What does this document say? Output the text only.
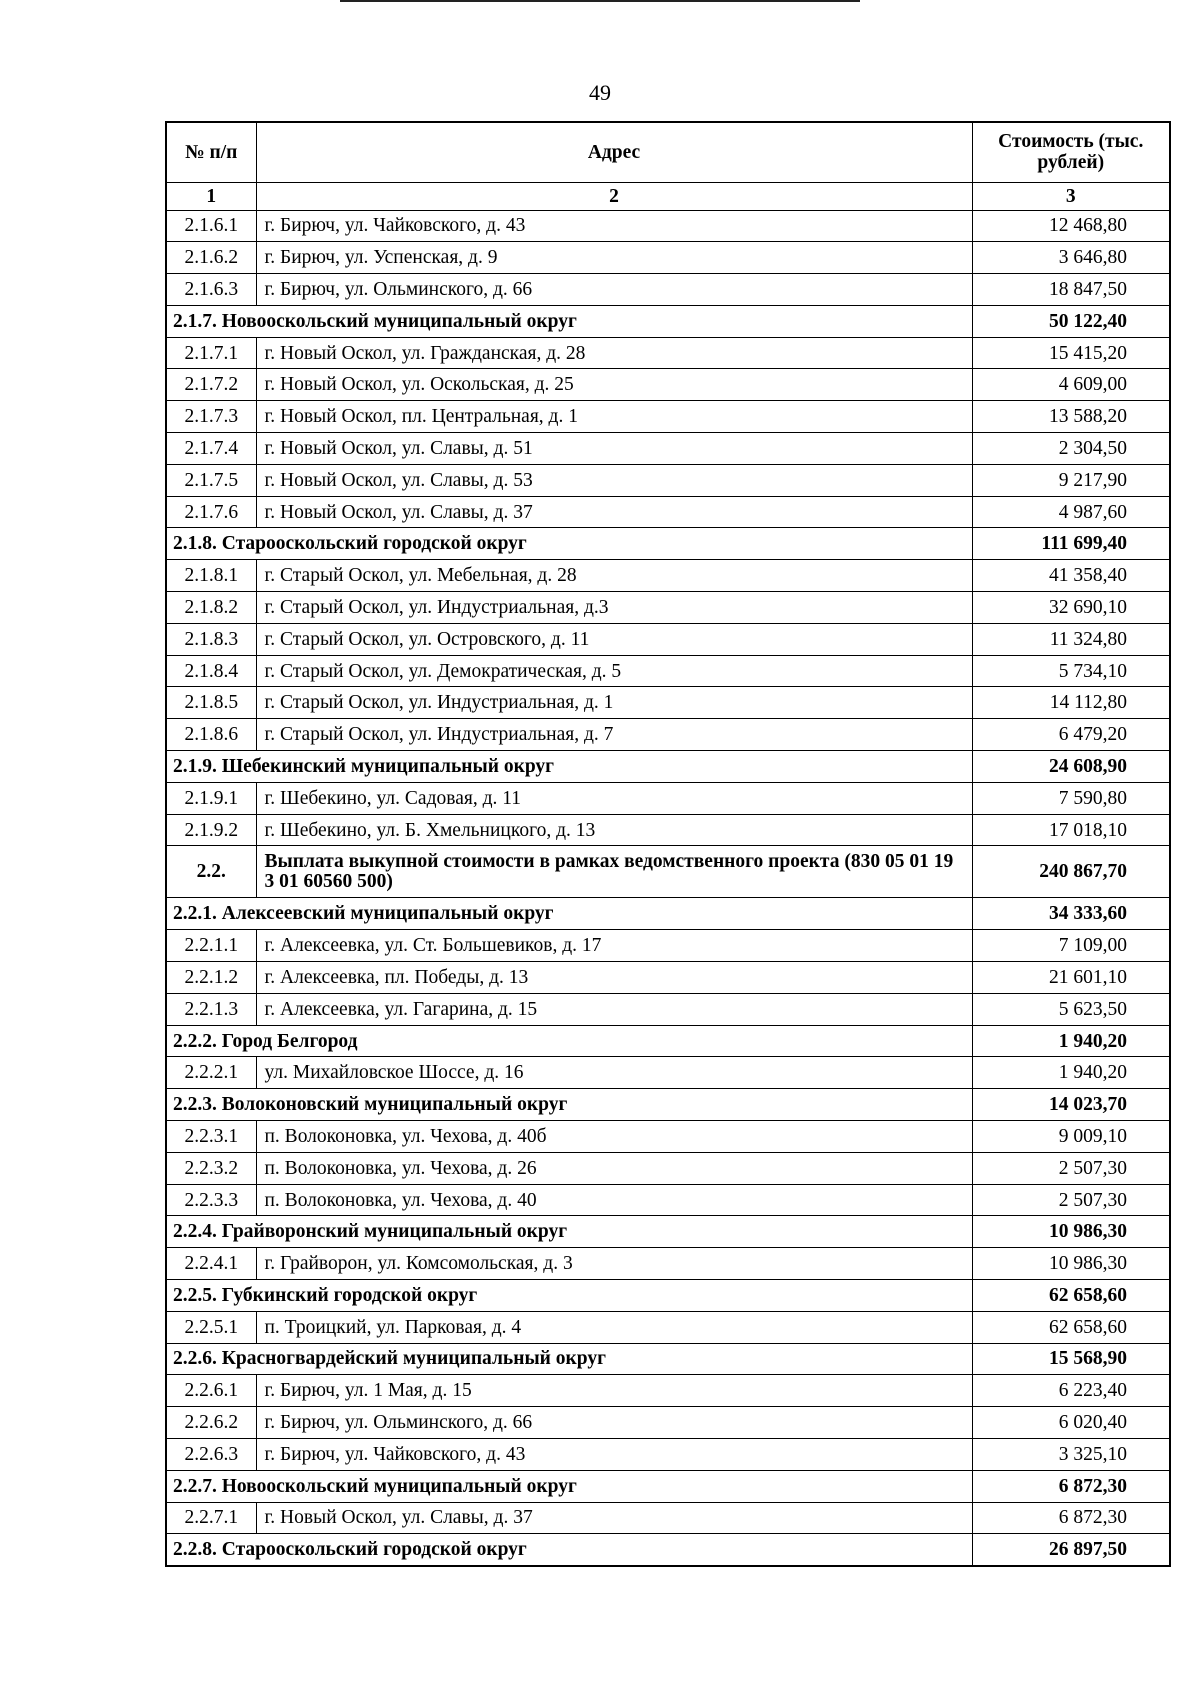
49
№ п/п	Адрес	Стоимость (тыс. рублей)
1	2	3
2.1.6.1	г. Бирюч, ул. Чайковского, д. 43	12 468,80
2.1.6.2	г. Бирюч, ул. Успенская, д. 9	3 646,80
2.1.6.3	г. Бирюч, ул. Ольминского, д. 66	18 847,50
2.1.7. Новооскольский муниципальный округ		50 122,40
2.1.7.1	г. Новый Оскол, ул. Гражданская, д. 28	15 415,20
2.1.7.2	г. Новый Оскол, ул. Оскольская, д. 25	4 609,00
2.1.7.3	г. Новый Оскол, пл. Центральная, д. 1	13 588,20
2.1.7.4	г. Новый Оскол, ул. Славы, д. 51	2 304,50
2.1.7.5	г. Новый Оскол, ул. Славы, д. 53	9 217,90
2.1.7.6	г. Новый Оскол, ул. Славы, д. 37	4 987,60
2.1.8. Старооскольский городской округ		111 699,40
2.1.8.1	г. Старый Оскол, ул. Мебельная, д. 28	41 358,40
2.1.8.2	г. Старый Оскол, ул. Индустриальная, д.3	32 690,10
2.1.8.3	г. Старый Оскол, ул. Островского, д. 11	11 324,80
2.1.8.4	г. Старый Оскол, ул. Демократическая, д. 5	5 734,10
2.1.8.5	г. Старый Оскол, ул. Индустриальная, д. 1	14 112,80
2.1.8.6	г. Старый Оскол, ул. Индустриальная, д. 7	6 479,20
2.1.9. Шебекинский муниципальный округ		24 608,90
2.1.9.1	г. Шебекино, ул. Садовая, д. 11	7 590,80
2.1.9.2	г. Шебекино, ул. Б. Хмельницкого, д. 13	17 018,10
2.2.	Выплата выкупной стоимости в рамках ведомственного проекта (830 05 01 19 3 01 60560 500)	240 867,70
2.2.1. Алексеевский муниципальный округ		34 333,60
2.2.1.1	г. Алексеевка, ул. Ст. Большевиков, д. 17	7 109,00
2.2.1.2	г. Алексеевка, пл. Победы, д. 13	21 601,10
2.2.1.3	г. Алексеевка, ул. Гагарина, д. 15	5 623,50
2.2.2. Город Белгород		1 940,20
2.2.2.1	ул. Михайловское Шоссе, д. 16	1 940,20
2.2.3. Волоконовский муниципальный округ		14 023,70
2.2.3.1	п. Волоконовка, ул. Чехова, д. 40б	9 009,10
2.2.3.2	п. Волоконовка, ул. Чехова, д. 26	2 507,30
2.2.3.3	п. Волоконовка, ул. Чехова, д. 40	2 507,30
2.2.4. Грайворонский муниципальный округ		10 986,30
2.2.4.1	г. Грайворон, ул. Комсомольская, д. 3	10 986,30
2.2.5. Губкинский городской округ		62 658,60
2.2.5.1	п. Троицкий, ул. Парковая, д. 4	62 658,60
2.2.6. Красногвардейский муниципальный округ		15 568,90
2.2.6.1	г. Бирюч, ул. 1 Мая, д. 15	6 223,40
2.2.6.2	г. Бирюч, ул. Ольминского, д. 66	6 020,40
2.2.6.3	г. Бирюч, ул. Чайковского, д. 43	3 325,10
2.2.7. Новооскольский муниципальный округ		6 872,30
2.2.7.1	г. Новый Оскол, ул. Славы, д. 37	6 872,30
2.2.8. Старооскольский городской округ		26 897,50
